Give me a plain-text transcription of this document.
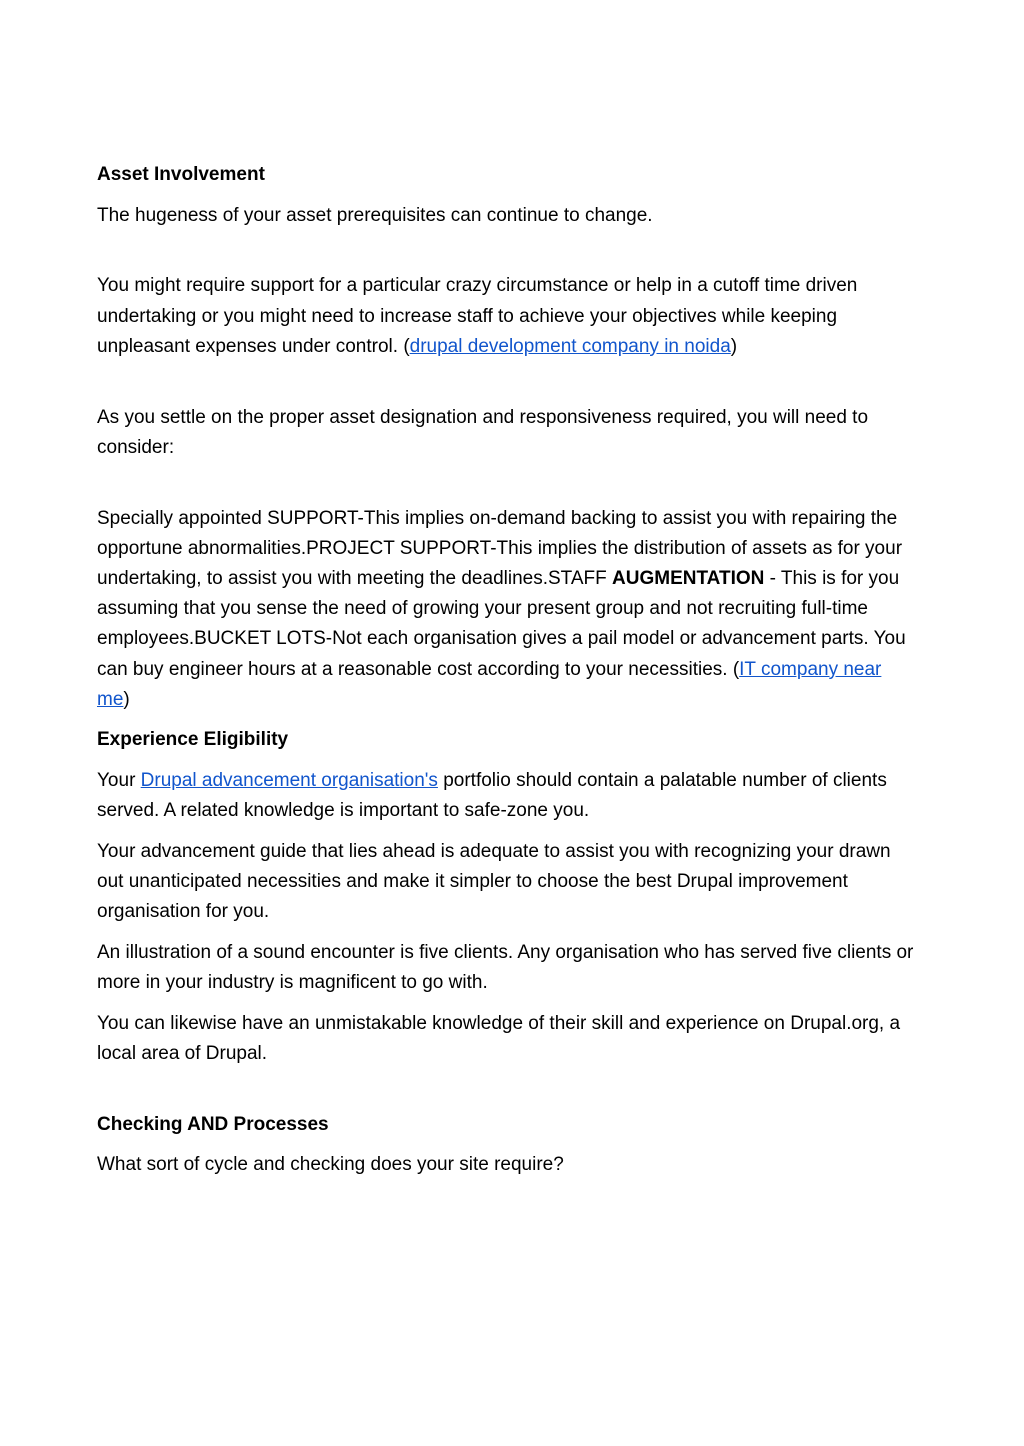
Asset Involvement

The hugeness of your asset prerequisites can continue to change.

You might require support for a particular crazy circumstance or help in a cutoff time driven undertaking or you might need to increase staff to achieve your objectives while keeping unpleasant expenses under control. (drupal development company in noida)

As you settle on the proper asset designation and responsiveness required, you will need to consider:

Specially appointed SUPPORT-This implies on-demand backing to assist you with repairing the opportune abnormalities.PROJECT SUPPORT-This implies the distribution of assets as for your undertaking, to assist you with meeting the deadlines.STAFF AUGMENTATION - This is for you assuming that you sense the need of growing your present group and not recruiting full-time employees.BUCKET LOTS-Not each organisation gives a pail model or advancement parts. You can buy engineer hours at a reasonable cost according to your necessities. (IT company near me)

Experience Eligibility

Your Drupal advancement organisation's portfolio should contain a palatable number of clients served. A related knowledge is important to safe-zone you.

Your advancement guide that lies ahead is adequate to assist you with recognizing your drawn out unanticipated necessities and make it simpler to choose the best Drupal improvement organisation for you.

An illustration of a sound encounter is five clients. Any organisation who has served five clients or more in your industry is magnificent to go with.

You can likewise have an unmistakable knowledge of their skill and experience on Drupal.org, a local area of Drupal.

Checking AND Processes

What sort of cycle and checking does your site require?
